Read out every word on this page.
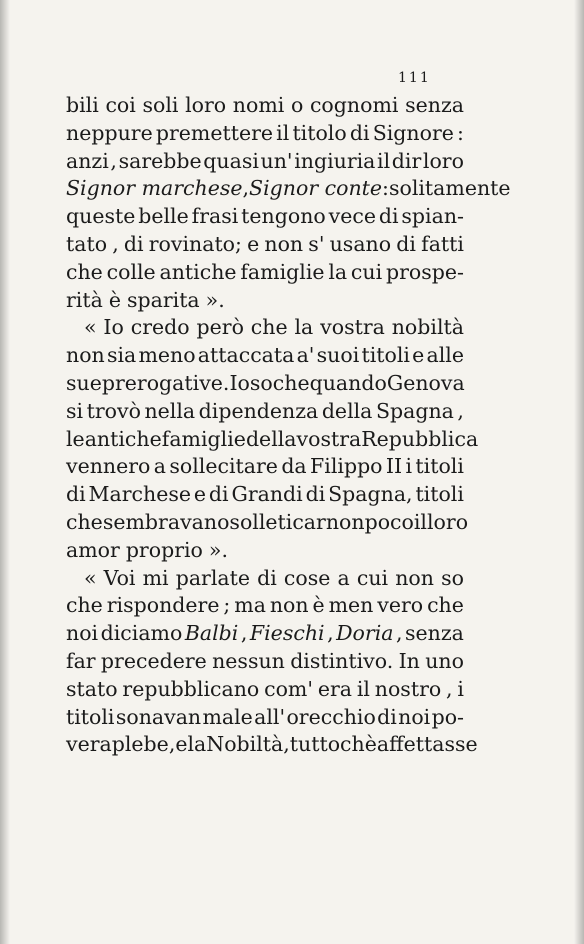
111
bili coi soli loro nomi o cognomi senza
neppure premettere il titolo di Signore :
anzi , sarebbe quasi un' ingiuria il dir loro
Signor marchese , Signor conte : solitamente
queste belle frasi tengono vece di spian-
tato , di rovinato; e non s' usano di fatti
che colle antiche famiglie la cui prospe-
rità è sparita ».
« Io credo però che la vostra nobiltà
non sia meno attaccata a' suoi titoli e alle
sue prerogative. Io so che quando Genova
si trovò nella dipendenza della Spagna ,
le antiche famiglie della vostra Repubblica
vennero a sollecitare da Filippo II i titoli
di Marchese e di Grandi di Spagna, titoli
che sembravano solleticar non poco il loro
amor proprio ».
« Voi mi parlate di cose a cui non so
che rispondere ; ma non è men vero che
noi diciamo Balbi , Fieschi , Doria , senza
far precedere nessun distintivo. In uno
stato repubblicano com' era il nostro , i
titoli sonavan male all' orecchio di noi po-
vera plebe , e la Nobiltà , tuttochè affettasse
